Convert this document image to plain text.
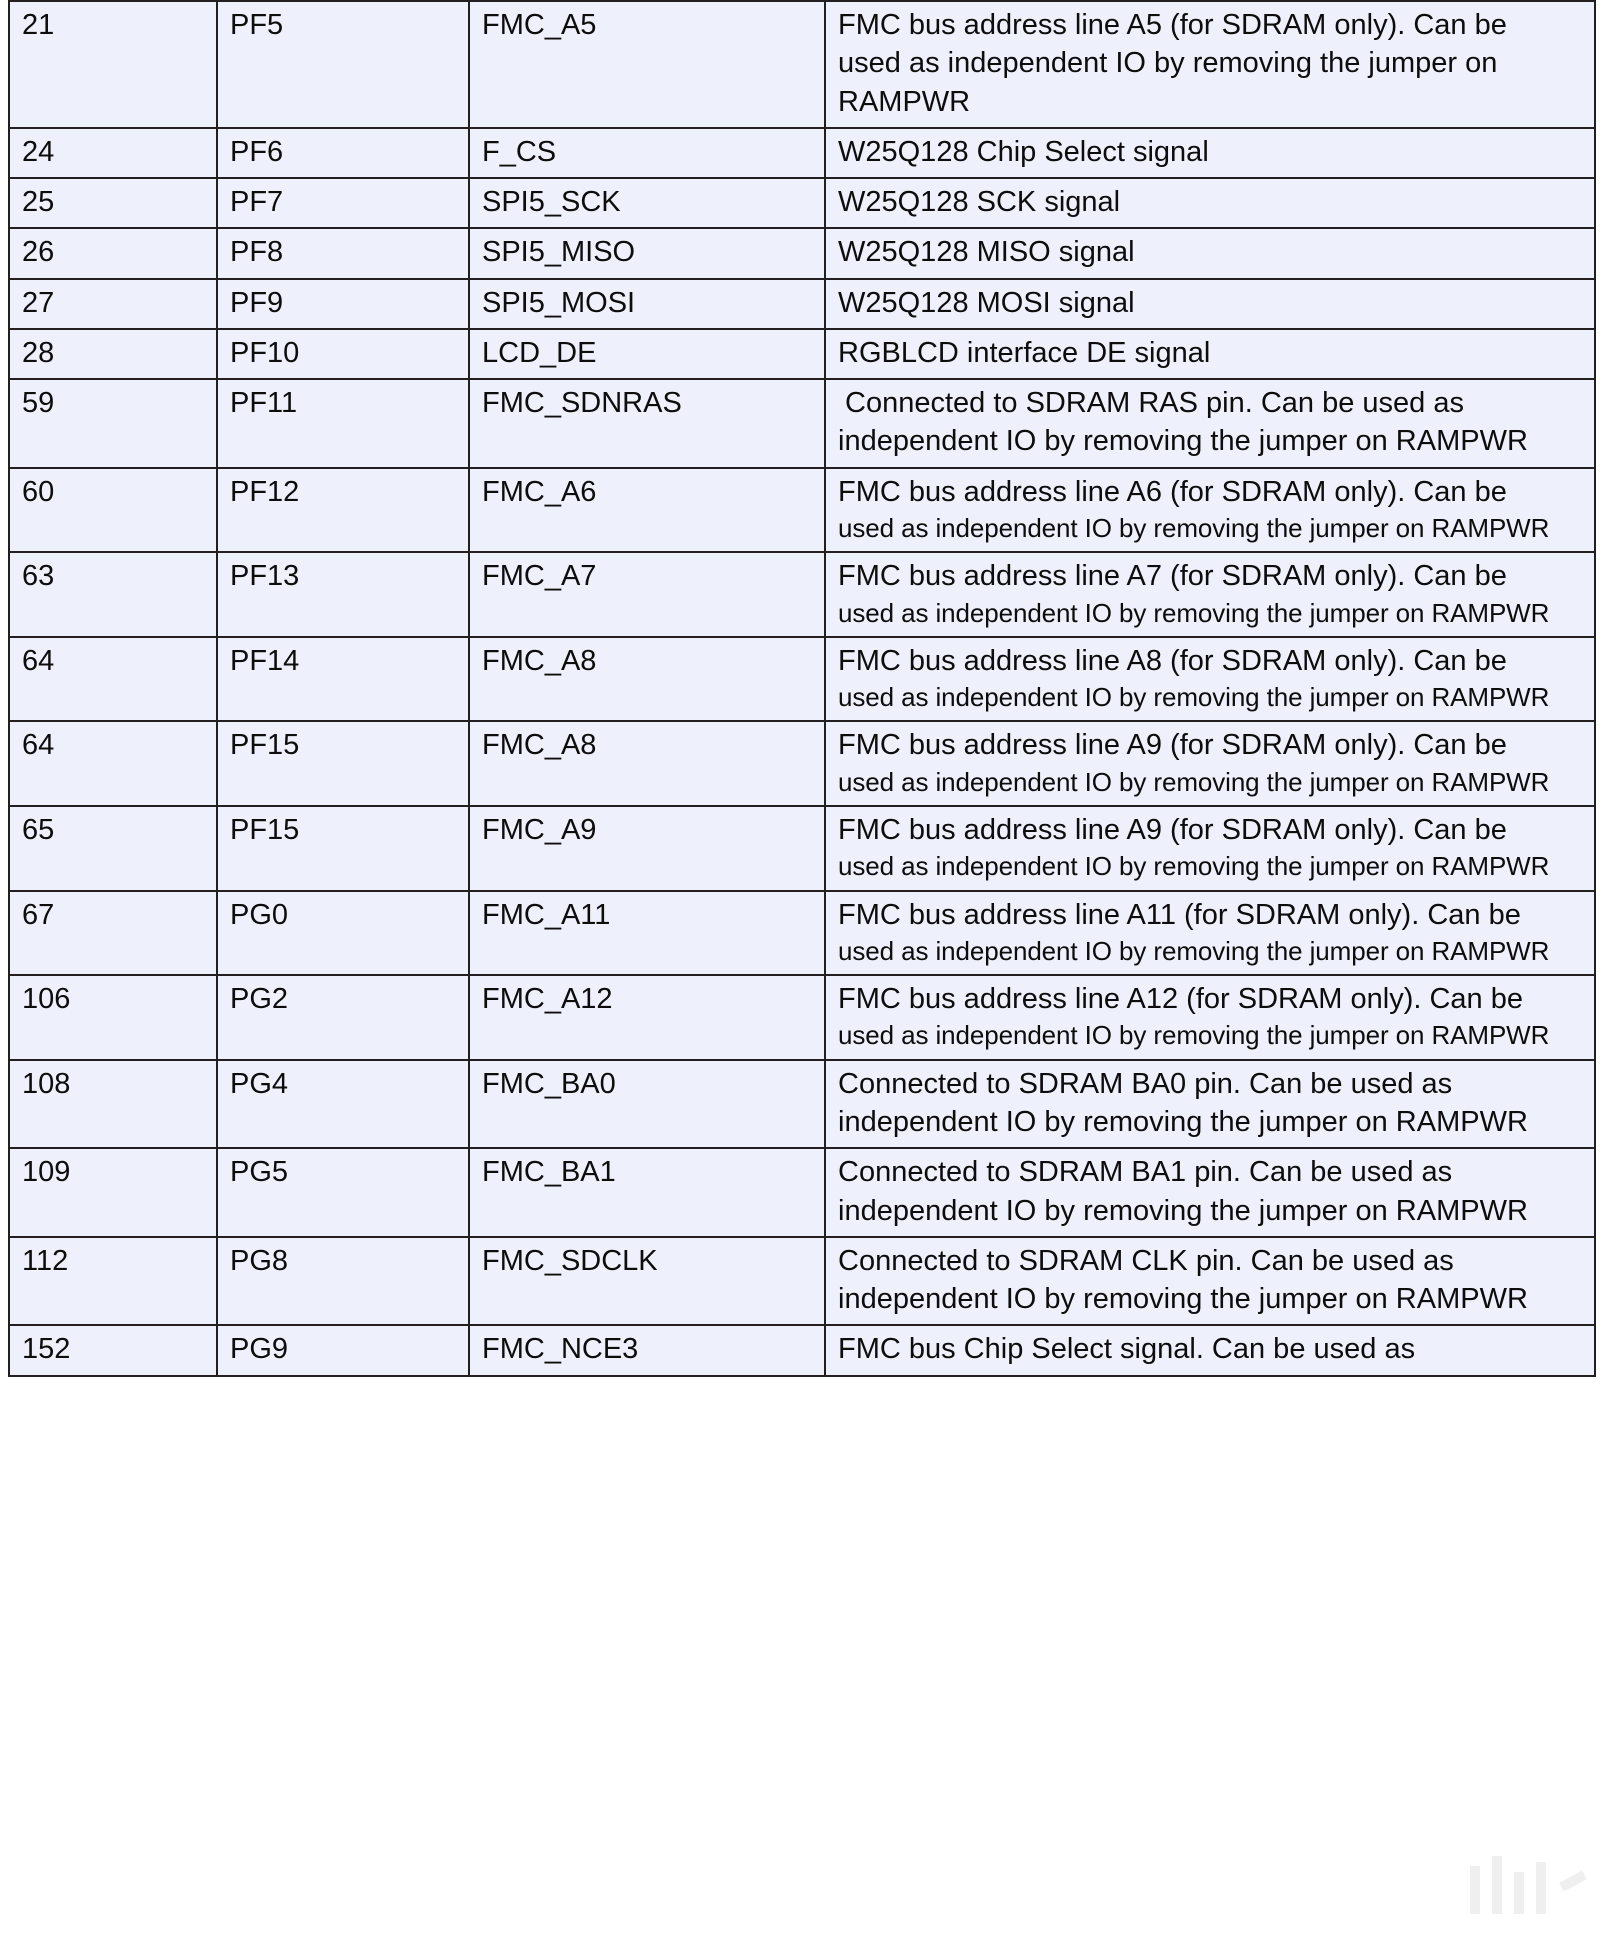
21	PF5	FMC_A5	FMC bus address line A5 (for SDRAM only). Can be
used as independent IO by removing the jumper on
RAMPWR

24	PF6	F_CS	W25Q128 Chip Select signal

25	PF7	SPI5_SCK	W25Q128 SCK signal

26	PF8	SPI5_MISO	W25Q128 MISO signal

27	PF9	SPI5_MOSI	W25Q128 MOSI signal

28	PF10	LCD_DE	RGBLCD interface DE signal

59	PF11	FMC_SDNRAS	Connected to SDRAM RAS pin. Can be used as
independent IO by removing the jumper on RAMPWR

60	PF12	FMC_A6	FMC bus address line A6 (for SDRAM only). Can be
used as independent IO by removing the jumper on RAMPWR

63	PF13	FMC_A7	FMC bus address line A7 (for SDRAM only). Can be
used as independent IO by removing the jumper on RAMPWR

64	PF14	FMC_A8	FMC bus address line A8 (for SDRAM only). Can be
used as independent IO by removing the jumper on RAMPWR

64	PF15	FMC_A8	FMC bus address line A9 (for SDRAM only). Can be
used as independent IO by removing the jumper on RAMPWR

65	PF15	FMC_A9	FMC bus address line A9 (for SDRAM only). Can be
used as independent IO by removing the jumper on RAMPWR

67	PG0	FMC_A11	FMC bus address line A11 (for SDRAM only). Can be
used as independent IO by removing the jumper on RAMPWR

106	PG2	FMC_A12	FMC bus address line A12 (for SDRAM only). Can be
used as independent IO by removing the jumper on RAMPWR

108	PG4	FMC_BA0	Connected to SDRAM BA0 pin. Can be used as
independent IO by removing the jumper on RAMPWR

109	PG5	FMC_BA1	Connected to SDRAM BA1 pin. Can be used as
independent IO by removing the jumper on RAMPWR

112	PG8	FMC_SDCLK	Connected to SDRAM CLK pin. Can be used as
independent IO by removing the jumper on RAMPWR

152	PG9	FMC_NCE3	FMC bus Chip Select signal. Can be used as
